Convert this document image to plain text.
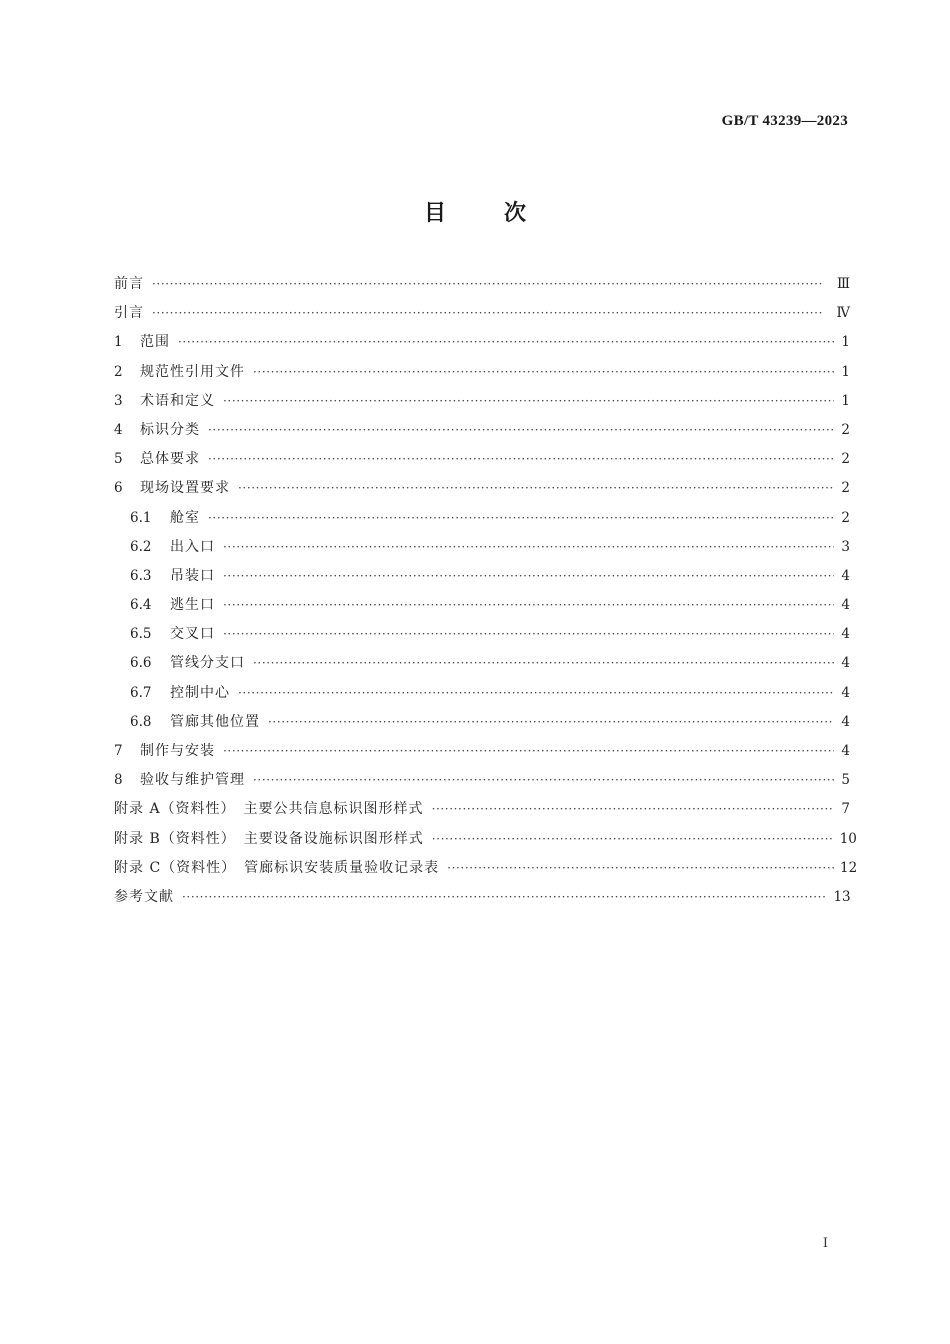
GB/T 43239—2023
目次
前言 ·····	Ⅲ
引言 ·····	Ⅳ
1	范围 ·····	1
2	规范性引用文件 ·····	1
3	术语和定义 ·····	1
4	标识分类 ·····	2
5	总体要求 ·····	2
6	现场设置要求 ·····	2
6.1	舱室 ·····	2
6.2	出入口 ·····	3
6.3	吊装口 ·····	4
6.4	逃生口 ·····	4
6.5	交叉口 ·····	4
6.6	管线分支口 ·····	4
6.7	控制中心 ·····	4
6.8	管廊其他位置 ·····	4
7	制作与安装 ·····	4
8	验收与维护管理 ·····	5
附录 A（资料性）　主要公共信息标识图形样式 ·····	7
附录 B（资料性）　主要设备设施标识图形样式 ·····	10
附录 C（资料性）　管廊标识安装质量验收记录表 ·····	12
参考文献 ·····	13
I
